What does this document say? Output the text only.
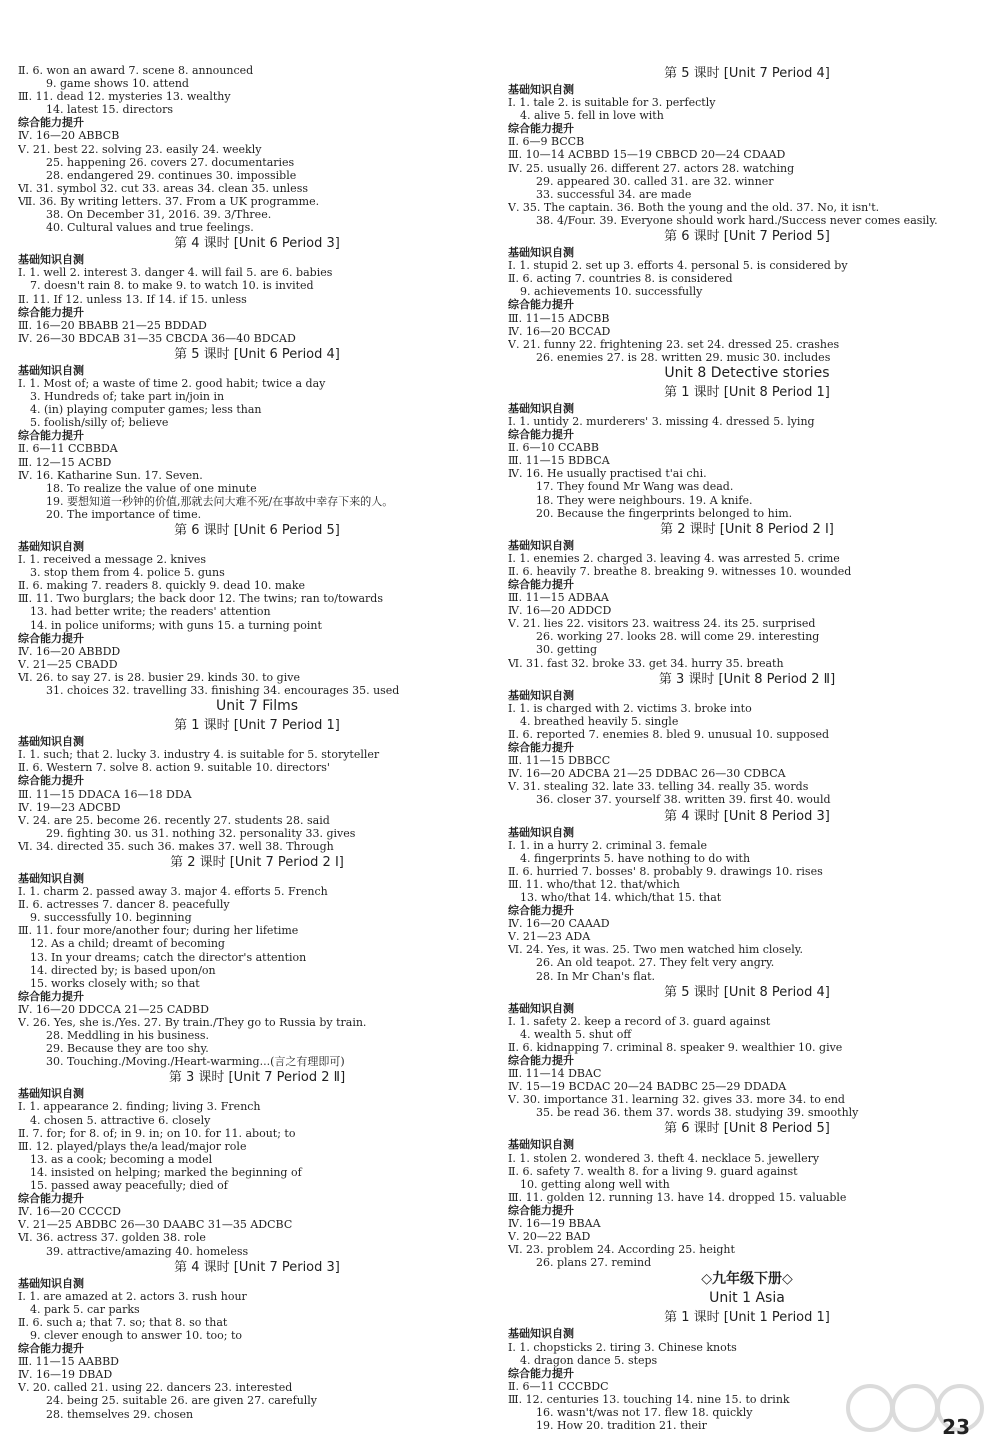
Ⅱ. 6. won an award 7. scene 8. announced
9. game shows 10. attend
Ⅲ. 11. dead 12. mysteries 13. wealthy
14. latest 15. directors
综合能力提升
Ⅳ. 16—20 ABBCB
Ⅴ. 21. best 22. solving 23. easily 24. weekly
25. happening 26. covers 27. documentaries
28. endangered 29. continues 30. impossible
Ⅵ. 31. symbol 32. cut 33. areas 34. clean 35. unless
Ⅶ. 36. By writing letters. 37. From a UK programme.
38. On December 31, 2016. 39. 3/Three.
40. Cultural values and true feelings.
第 4 课时 [Unit 6 Period 3]
基础知识自测
Ⅰ. 1. well 2. interest 3. danger 4. will fail 5. are 6. babies
7. doesn't rain 8. to make 9. to watch 10. is invited
Ⅱ. 11. If 12. unless 13. If 14. if 15. unless
综合能力提升
Ⅲ. 16—20 BBABB 21—25 BDDAD
Ⅳ. 26—30 BDCAB 31—35 CBCDA 36—40 BDCAD
第 5 课时 [Unit 6 Period 4]
基础知识自测
Ⅰ. 1. Most of; a waste of time 2. good habit; twice a day
3. Hundreds of; take part in/join in
4. (in) playing computer games; less than
5. foolish/silly of; believe
综合能力提升
Ⅱ. 6—11 CCBBDA
Ⅲ. 12—15 ACBD
Ⅳ. 16. Katharine Sun. 17. Seven.
18. To realize the value of one minute
19. 要想知道一秒钟的价值,那就去问大难不死/在事故中幸存下来的人。
20. The importance of time.
第 6 课时 [Unit 6 Period 5]
基础知识自测
Ⅰ. 1. received a message 2. knives
3. stop them from 4. police 5. guns
Ⅱ. 6. making 7. readers 8. quickly 9. dead 10. make
Ⅲ. 11. Two burglars; the back door 12. The twins; ran to/towards
13. had better write; the readers' attention
14. in police uniforms; with guns 15. a turning point
综合能力提升
Ⅳ. 16—20 ABBDD
Ⅴ. 21—25 CBADD
Ⅵ. 26. to say 27. is 28. busier 29. kinds 30. to give
31. choices 32. travelling 33. finishing 34. encourages 35. used
Unit 7 Films
第 1 课时 [Unit 7 Period 1]
基础知识自测
Ⅰ. 1. such; that 2. lucky 3. industry 4. is suitable for 5. storyteller
Ⅱ. 6. Western 7. solve 8. action 9. suitable 10. directors'
综合能力提升
Ⅲ. 11—15 DDACA 16—18 DDA
Ⅳ. 19—23 ADCBD
Ⅴ. 24. are 25. become 26. recently 27. students 28. said
29. fighting 30. us 31. nothing 32. personality 33. gives
Ⅵ. 34. directed 35. such 36. makes 37. well 38. Through
第 2 课时 [Unit 7 Period 2 Ⅰ]
基础知识自测
Ⅰ. 1. charm 2. passed away 3. major 4. efforts 5. French
Ⅱ. 6. actresses 7. dancer 8. peacefully
9. successfully 10. beginning
Ⅲ. 11. four more/another four; during her lifetime
12. As a child; dreamt of becoming
13. In your dreams; catch the director's attention
14. directed by; is based upon/on
15. works closely with; so that
综合能力提升
Ⅳ. 16—20 DDCCA 21—25 CADBD
Ⅴ. 26. Yes, she is./Yes. 27. By train./They go to Russia by train.
28. Meddling in his business.
29. Because they are too shy.
30. Touching./Moving./Heart-warming...(言之有理即可)
第 3 课时 [Unit 7 Period 2 Ⅱ]
基础知识自测
Ⅰ. 1. appearance 2. finding; living 3. French
4. chosen 5. attractive 6. closely
Ⅱ. 7. for; for 8. of; in 9. in; on 10. for 11. about; to
Ⅲ. 12. played/plays the/a lead/major role
13. as a cook; becoming a model
14. insisted on helping; marked the beginning of
15. passed away peacefully; died of
综合能力提升
Ⅳ. 16—20 CCCCD
Ⅴ. 21—25 ABDBC 26—30 DAABC 31—35 ADCBC
Ⅵ. 36. actress 37. golden 38. role
39. attractive/amazing 40. homeless
第 4 课时 [Unit 7 Period 3]
基础知识自测
Ⅰ. 1. are amazed at 2. actors 3. rush hour
4. park 5. car parks
Ⅱ. 6. such a; that 7. so; that 8. so that
9. clever enough to answer 10. too; to
综合能力提升
Ⅲ. 11—15 AABBD
Ⅳ. 16—19 DBAD
Ⅴ. 20. called 21. using 22. dancers 23. interested
24. being 25. suitable 26. are given 27. carefully
28. themselves 29. chosen
第 5 课时 [Unit 7 Period 4]
基础知识自测
Ⅰ. 1. tale 2. is suitable for 3. perfectly
4. alive 5. fell in love with
综合能力提升
Ⅱ. 6—9 BCCB
Ⅲ. 10—14 ACBBD 15—19 CBBCD 20—24 CDAAD
Ⅳ. 25. usually 26. different 27. actors 28. watching
29. appeared 30. called 31. are 32. winner
33. successful 34. are made
Ⅴ. 35. The captain. 36. Both the young and the old. 37. No, it isn't.
38. 4/Four. 39. Everyone should work hard./Success never comes easily.
第 6 课时 [Unit 7 Period 5]
基础知识自测
Ⅰ. 1. stupid 2. set up 3. efforts 4. personal 5. is considered by
Ⅱ. 6. acting 7. countries 8. is considered
9. achievements 10. successfully
综合能力提升
Ⅲ. 11—15 ADCBB
Ⅳ. 16—20 BCCAD
Ⅴ. 21. funny 22. frightening 23. set 24. dressed 25. crashes
26. enemies 27. is 28. written 29. music 30. includes
Unit 8 Detective stories
第 1 课时 [Unit 8 Period 1]
基础知识自测
Ⅰ. 1. untidy 2. murderers' 3. missing 4. dressed 5. lying
综合能力提升
Ⅱ. 6—10 CCABB
Ⅲ. 11—15 BDBCA
Ⅳ. 16. He usually practised t'ai chi.
17. They found Mr Wang was dead.
18. They were neighbours. 19. A knife.
20. Because the fingerprints belonged to him.
第 2 课时 [Unit 8 Period 2 Ⅰ]
基础知识自测
Ⅰ. 1. enemies 2. charged 3. leaving 4. was arrested 5. crime
Ⅱ. 6. heavily 7. breathe 8. breaking 9. witnesses 10. wounded
综合能力提升
Ⅲ. 11—15 ADBAA
Ⅳ. 16—20 ADDCD
Ⅴ. 21. lies 22. visitors 23. waitress 24. its 25. surprised
26. working 27. looks 28. will come 29. interesting
30. getting
Ⅵ. 31. fast 32. broke 33. get 34. hurry 35. breath
第 3 课时 [Unit 8 Period 2 Ⅱ]
基础知识自测
Ⅰ. 1. is charged with 2. victims 3. broke into
4. breathed heavily 5. single
Ⅱ. 6. reported 7. enemies 8. bled 9. unusual 10. supposed
综合能力提升
Ⅲ. 11—15 DBBCC
Ⅳ. 16—20 ADCBA 21—25 DDBAC 26—30 CDBCA
Ⅴ. 31. stealing 32. late 33. telling 34. really 35. words
36. closer 37. yourself 38. written 39. first 40. would
第 4 课时 [Unit 8 Period 3]
基础知识自测
Ⅰ. 1. in a hurry 2. criminal 3. female
4. fingerprints 5. have nothing to do with
Ⅱ. 6. hurried 7. bosses' 8. probably 9. drawings 10. rises
Ⅲ. 11. who/that 12. that/which
13. who/that 14. which/that 15. that
综合能力提升
Ⅳ. 16—20 CAAAD
Ⅴ. 21—23 ADA
Ⅵ. 24. Yes, it was. 25. Two men watched him closely.
26. An old teapot. 27. They felt very angry.
28. In Mr Chan's flat.
第 5 课时 [Unit 8 Period 4]
基础知识自测
Ⅰ. 1. safety 2. keep a record of 3. guard against
4. wealth 5. shut off
Ⅱ. 6. kidnapping 7. criminal 8. speaker 9. wealthier 10. give
综合能力提升
Ⅲ. 11—14 DBAC
Ⅳ. 15—19 BCDAC 20—24 BADBC 25—29 DDADA
Ⅴ. 30. importance 31. learning 32. gives 33. more 34. to end
35. be read 36. them 37. words 38. studying 39. smoothly
第 6 课时 [Unit 8 Period 5]
基础知识自测
Ⅰ. 1. stolen 2. wondered 3. theft 4. necklace 5. jewellery
Ⅱ. 6. safety 7. wealth 8. for a living 9. guard against
10. getting along well with
Ⅲ. 11. golden 12. running 13. have 14. dropped 15. valuable
综合能力提升
Ⅳ. 16—19 BBAA
Ⅴ. 20—22 BAD
Ⅵ. 23. problem 24. According 25. height
26. plans 27. remind
◇九年级下册◇
Unit 1 Asia
第 1 课时 [Unit 1 Period 1]
基础知识自测
Ⅰ. 1. chopsticks 2. tiring 3. Chinese knots
4. dragon dance 5. steps
综合能力提升
Ⅱ. 6—11 CCCBDC
Ⅲ. 12. centuries 13. touching 14. nine 15. to drink
16. wasn't/was not 17. flew 18. quickly
19. How 20. tradition 21. their	23
